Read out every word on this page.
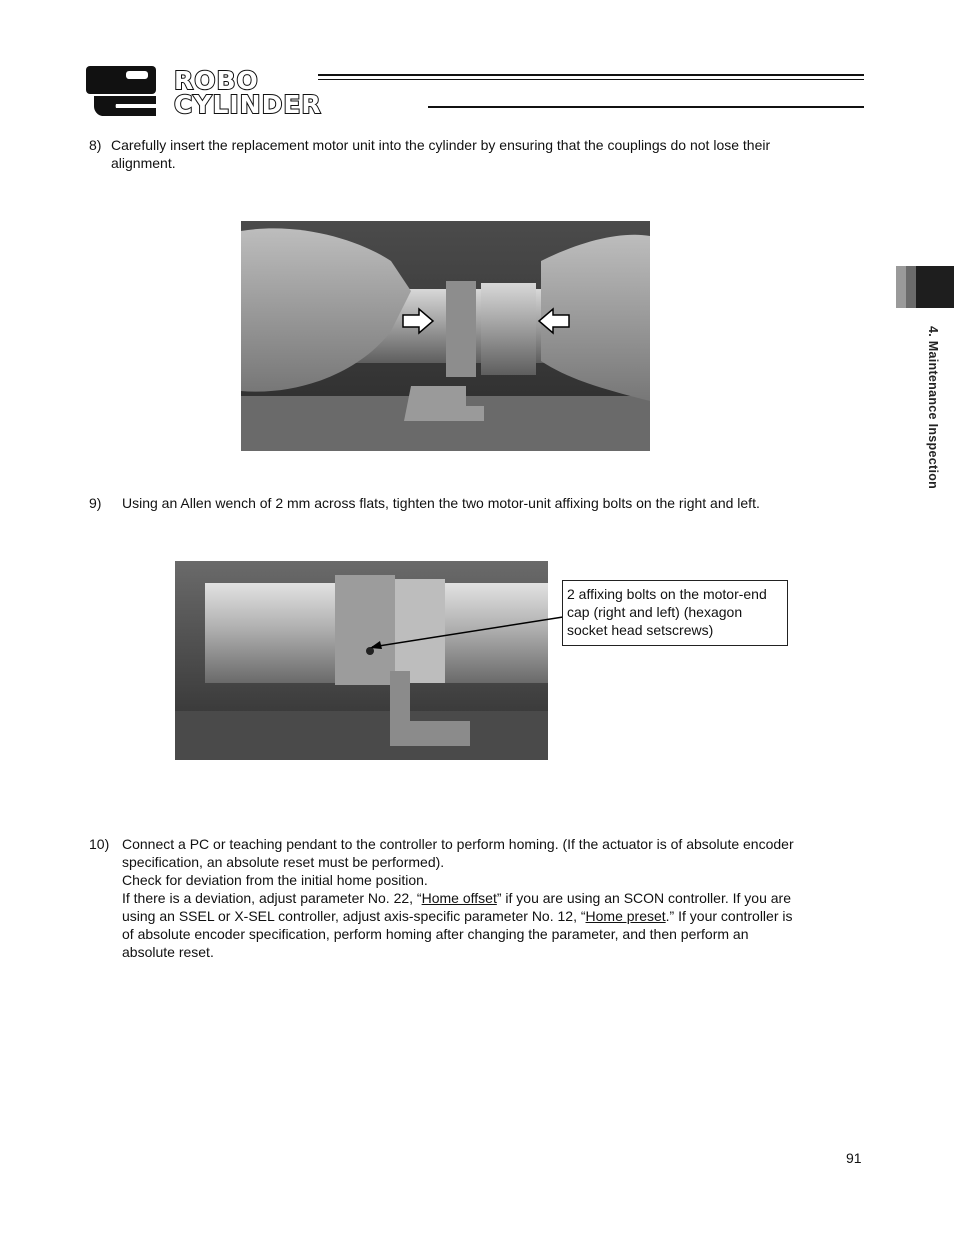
ROBO
CYLINDER
4. Maintenance Inspection
8) Carefully insert the replacement motor unit into the cylinder by ensuring that the couplings do not lose their
alignment.
9) Using an Allen wench of 2 mm across flats, tighten the two motor-unit affixing bolts on the right and left.
2 affixing bolts on the motor-end
cap (right and left) (hexagon
socket head setscrews)
10) Connect a PC or teaching pendant to the controller to perform homing. (If the actuator is of absolute encoder
specification, an absolute reset must be performed).
Check for deviation from the initial home position.
If there is a deviation, adjust parameter No. 22, “Home offset” if you are using an SCON controller. If you are
using an SSEL or X-SEL controller, adjust axis-specific parameter No. 12, “Home preset.” If your controller is
of absolute encoder specification, perform homing after changing the parameter, and then perform an
absolute reset.
91
